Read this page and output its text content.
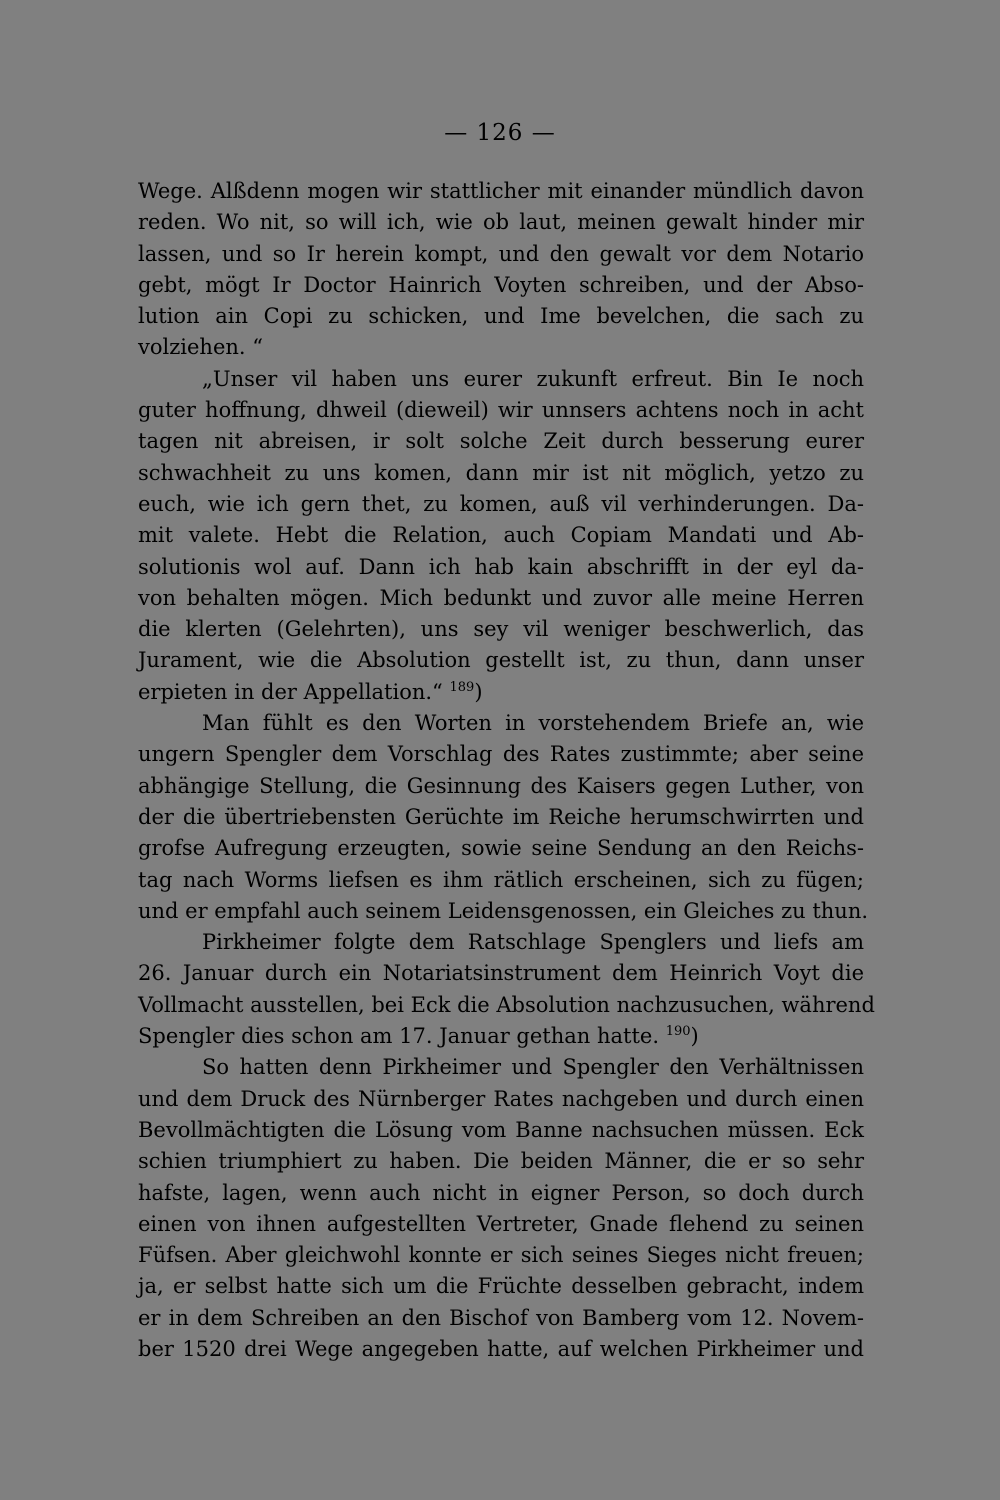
— 126 —
Wege. Alßdenn mogen wir stattlicher mit einander mündlich davon
reden. Wo nit, so will ich, wie ob laut, meinen gewalt hinder mir
lassen, und so Ir herein kompt, und den gewalt vor dem Notario
gebt, mögt Ir Doctor Hainrich Voyten schreiben, und der Abso-
lution ain Copi zu schicken, und Ime bevelchen, die sach zu
volziehen. “
„Unser vil haben uns eurer zukunft erfreut. Bin Ie noch
guter hoffnung, dhweil (dieweil) wir unnsers achtens noch in acht
tagen nit abreisen, ir solt solche Zeit durch besserung eurer
schwachheit zu uns komen, dann mir ist nit möglich, yetzo zu
euch, wie ich gern thet, zu komen, auß vil verhinderungen. Da-
mit valete. Hebt die Relation, auch Copiam Mandati und Ab-
solutionis wol auf. Dann ich hab kain abschrifft in der eyl da-
von behalten mögen. Mich bedunkt und zuvor alle meine Herren
die klerten (Gelehrten), uns sey vil weniger beschwerlich, das
Jurament, wie die Absolution gestellt ist, zu thun, dann unser
erpieten in der Appellation.“ $^{189}$)
Man fühlt es den Worten in vorstehendem Briefe an, wie
ungern Spengler dem Vorschlag des Rates zustimmte; aber seine
abhängige Stellung, die Gesinnung des Kaisers gegen Luther, von
der die übertriebensten Gerüchte im Reiche herumschwirrten und
grofse Aufregung erzeugten, sowie seine Sendung an den Reichs-
tag nach Worms liefsen es ihm rätlich erscheinen, sich zu fügen;
und er empfahl auch seinem Leidensgenossen, ein Gleiches zu thun.
Pirkheimer folgte dem Ratschlage Spenglers und liefs am
26. Januar durch ein Notariatsinstrument dem Heinrich Voyt die
Vollmacht ausstellen, bei Eck die Absolution nachzusuchen, während
Spengler dies schon am 17. Januar gethan hatte. $^{190}$)
So hatten denn Pirkheimer und Spengler den Verhältnissen
und dem Druck des Nürnberger Rates nachgeben und durch einen
Bevollmächtigten die Lösung vom Banne nachsuchen müssen. Eck
schien triumphiert zu haben. Die beiden Männer, die er so sehr
hafste, lagen, wenn auch nicht in eigner Person, so doch durch
einen von ihnen aufgestellten Vertreter, Gnade flehend zu seinen
Füfsen. Aber gleichwohl konnte er sich seines Sieges nicht freuen;
ja, er selbst hatte sich um die Früchte desselben gebracht, indem
er in dem Schreiben an den Bischof von Bamberg vom 12. Novem-
ber 1520 drei Wege angegeben hatte, auf welchen Pirkheimer und
